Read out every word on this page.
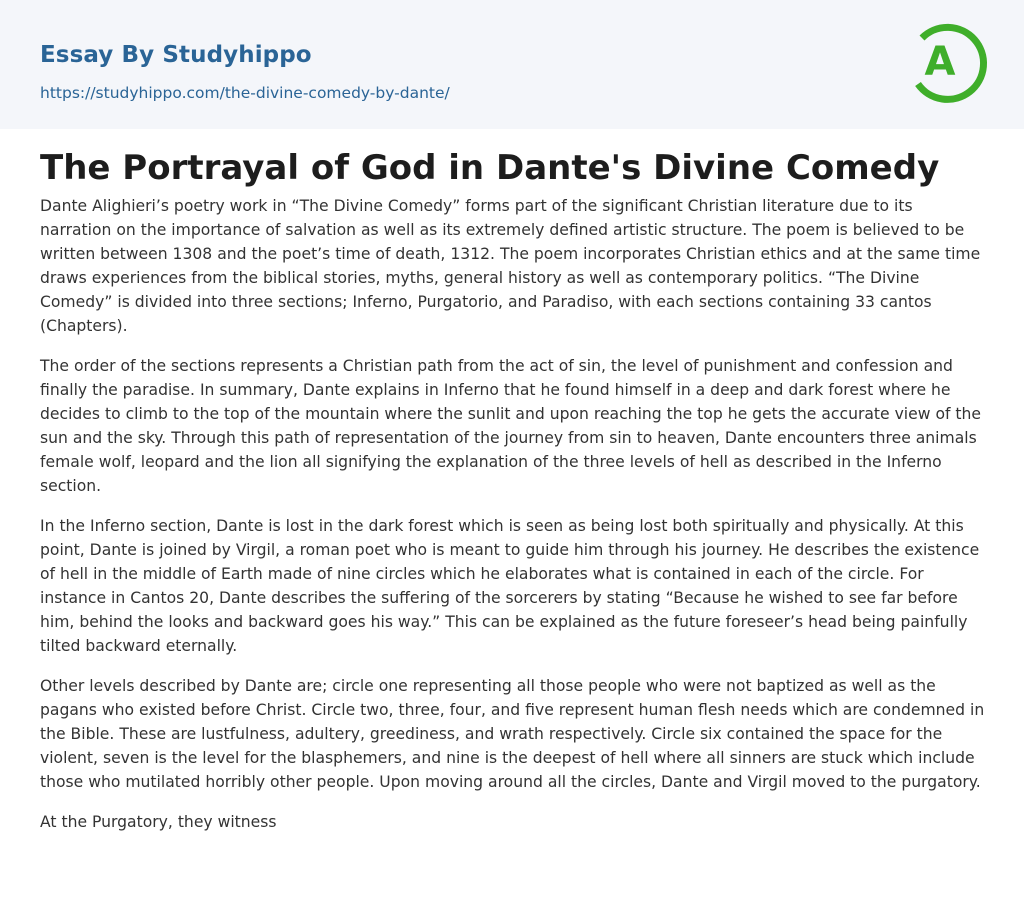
Essay By Studyhippo
https://studyhippo.com/the-divine-comedy-by-dante/
A
The Portrayal of God in Dante's Divine Comedy

Dante Alighieri’s poetry work in “The Divine Comedy” forms part of the significant Christian literature due to its narration on the importance of salvation as well as its extremely defined artistic structure. The poem is believed to be written between 1308 and the poet’s time of death, 1312. The poem incorporates Christian ethics and at the same time draws experiences from the biblical stories, myths, general history as well as contemporary politics. “The Divine Comedy” is divided into three sections; Inferno, Purgatorio, and Paradiso, with each sections containing 33 cantos (Chapters).

The order of the sections represents a Christian path from the act of sin, the level of punishment and confession and finally the paradise. In summary, Dante explains in Inferno that he found himself in a deep and dark forest where he decides to climb to the top of the mountain where the sunlit and upon reaching the top he gets the accurate view of the sun and the sky. Through this path of representation of the journey from sin to heaven, Dante encounters three animals female wolf, leopard and the lion all signifying the explanation of the three levels of hell as described in the Inferno section.

In the Inferno section, Dante is lost in the dark forest which is seen as being lost both spiritually and physically. At this point, Dante is joined by Virgil, a roman poet who is meant to guide him through his journey. He describes the existence of hell in the middle of Earth made of nine circles which he elaborates what is contained in each of the circle. For instance in Cantos 20, Dante describes the suffering of the sorcerers by stating “Because he wished to see far before him, behind the looks and backward goes his way.” This can be explained as the future foreseer’s head being painfully tilted backward eternally.

Other levels described by Dante are; circle one representing all those people who were not baptized as well as the pagans who existed before Christ. Circle two, three, four, and five represent human flesh needs which are condemned in the Bible. These are lustfulness, adultery, greediness, and wrath respectively. Circle six contained the space for the violent, seven is the level for the blasphemers, and nine is the deepest of hell where all sinners are stuck which include those who mutilated horribly other people. Upon moving around all the circles, Dante and Virgil moved to the purgatory.

At the Purgatory, they witness
